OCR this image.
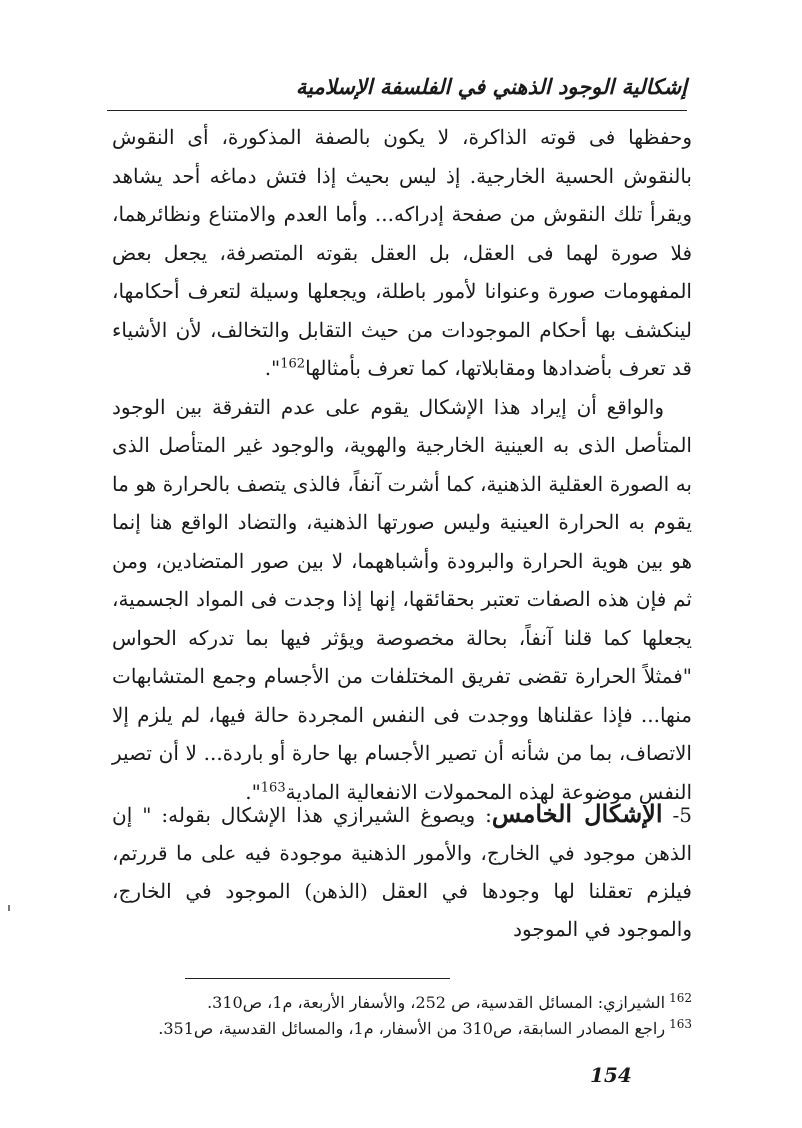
إشكالية الوجود الذهني في الفلسفة الإسلامية

وحفظها فى قوته الذاكرة، لا يكون بالصفة المذكورة، أى النقوش بالنقوش الحسية الخارجية. إذ ليس بحيث إذا فتش دماغه أحد يشاهد ويقرأ تلك النقوش من صفحة إدراكه... وأما العدم والامتناع ونظائرهما، فلا صورة لهما فى العقل، بل العقل بقوته المتصرفة، يجعل بعض المفهومات صورة وعنوانا لأمور باطلة، ويجعلها وسيلة لتعرف أحكامها، لينكشف بها أحكام الموجودات من حيث التقابل والتخالف، لأن الأشياء قد تعرف بأضدادها ومقابلاتها، كما تعرف بأمثالها$^{162}$".

والواقع أن إيراد هذا الإشكال يقوم على عدم التفرقة بين الوجود المتأصل الذى به العينية الخارجية والهوية، والوجود غير المتأصل الذى به الصورة العقلية الذهنية، كما أشرت آنفاً، فالذى يتصف بالحرارة هو ما يقوم به الحرارة العينية وليس صورتها الذهنية، والتضاد الواقع هنا إنما هو بين هوية الحرارة والبرودة وأشباههما، لا بين صور المتضادين، ومن ثم فإن هذه الصفات تعتبر بحقائقها، إنها إذا وجدت فى المواد الجسمية، يجعلها كما قلنا آنفاً، بحالة مخصوصة ويؤثر فيها بما تدركه الحواس "فمثلاً الحرارة تقضى تفريق المختلفات من الأجسام وجمع المتشابهات منها... فإذا عقلناها ووجدت فى النفس المجردة حالة فيها، لم يلزم إلا الاتصاف، بما من شأنه أن تصير الأجسام بها حارة أو باردة... لا أن تصير النفس موضوعة لهذه المحمولات الانفعالية المادية$^{163}$".

5- الإشكال الخامس: ويصوغ الشيرازي هذا الإشكال بقوله: " إن الذهن موجود في الخارج، والأمور الذهنية موجودة فيه على ما قررتم، فيلزم تعقلنا لها وجودها في العقل (الذهن) الموجود في الخارج، والموجود في الموجود

$^{162}$الشيرازي: المسائل القدسية، ص 252، والأسفار الأربعة، م1، ص310.

$^{163}$راجع المصادر السابقة، ص310 من الأسفار، م1، والمسائل القدسية، ص351.

154
